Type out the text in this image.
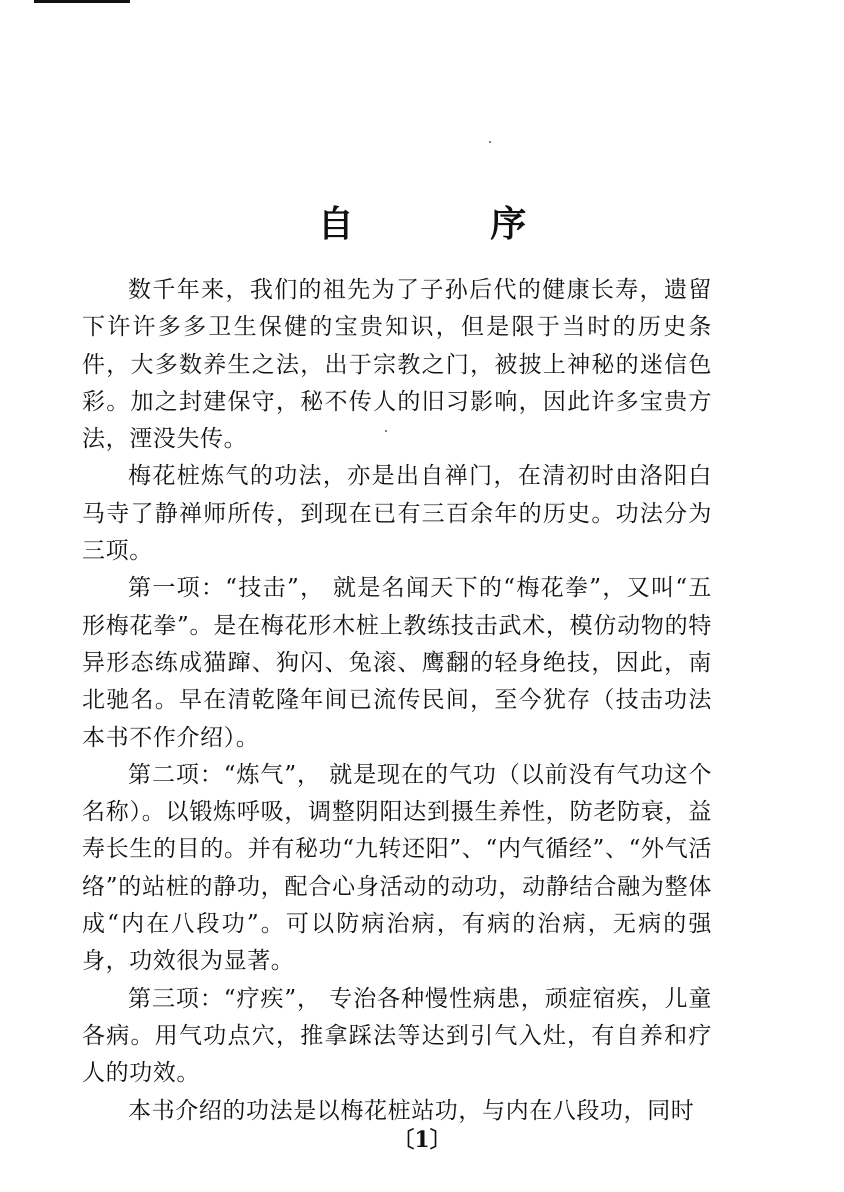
自 序

数千年来，我们的祖先为了子孙后代的健康长寿，遗留下许许多多卫生保健的宝贵知识，但是限于当时的历史条件，大多数养生之法，出于宗教之门，被披上神秘的迷信色彩。加之封建保守，秘不传人的旧习影响，因此许多宝贵方法，湮没失传。

梅花桩炼气的功法，亦是出自禅门，在清初时由洛阳白马寺了静禅师所传，到现在已有三百余年的历史。功法分为三项。

第一项：“技击”， 就是名闻天下的“梅花拳”，又叫“五形梅花拳”。是在梅花形木桩上教练技击武术，模仿动物的特异形态练成猫蹿、狗闪、兔滚、鹰翻的轻身绝技，因此，南北驰名。早在清乾隆年间已流传民间，至今犹存（技击功法本书不作介绍）。

第二项：“炼气”， 就是现在的气功（以前没有气功这个名称）。以锻炼呼吸，调整阴阳达到摄生养性，防老防衰，益寿长生的目的。并有秘功“九转还阳”、“内气循经”、“外气活络”的站桩的静功，配合心身活动的动功，动静结合融为整体成“内在八段功”。可以防病治病，有病的治病，无病的强身，功效很为显著。

第三项：“疗疾”， 专治各种慢性病患，顽症宿疾，儿童各病。用气功点穴，推拿踩法等达到引气入灶，有自养和疗人的功效。

本书介绍的功法是以梅花桩站功，与内在八段功，同时

〔1〕
